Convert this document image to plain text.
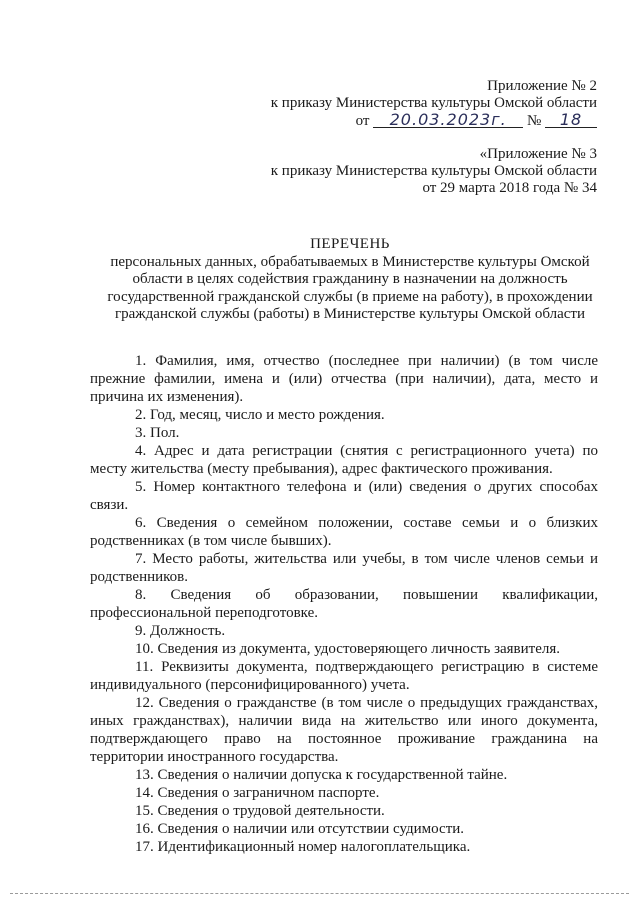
Приложение № 2
к приказу Министерства культуры Омской области
от 20.03.2023г. № 18
«Приложение № 3
к приказу Министерства культуры Омской области
от 29 марта 2018 года № 34
ПЕРЕЧЕНЬ
персональных данных, обрабатываемых в Министерстве культуры Омской области в целях содействия гражданину в назначении на должность государственной гражданской службы (в приеме на работу), в прохождении гражданской службы (работы) в Министерстве культуры Омской области

1. Фамилия, имя, отчество (последнее при наличии) (в том числе прежние фамилии, имена и (или) отчества (при наличии), дата, место и причина их изменения).

2. Год, месяц, число и место рождения.

3. Пол.

4. Адрес и дата регистрации (снятия с регистрационного учета) по месту жительства (месту пребывания), адрес фактического проживания.

5. Номер контактного телефона и (или) сведения о других способах связи.

6. Сведения о семейном положении, составе семьи и о близких родственниках (в том числе бывших).

7. Место работы, жительства или учебы, в том числе членов семьи и родственников.

8. Сведения об образовании, повышении квалификации, профессиональной переподготовке.

9. Должность.

10. Сведения из документа, удостоверяющего личность заявителя.

11. Реквизиты документа, подтверждающего регистрацию в системе индивидуального (персонифицированного) учета.

12. Сведения о гражданстве (в том числе о предыдущих гражданствах, иных гражданствах), наличии вида на жительство или иного документа, подтверждающего право на постоянное проживание гражданина на территории иностранного государства.

13. Сведения о наличии допуска к государственной тайне.

14. Сведения о заграничном паспорте.

15. Сведения о трудовой деятельности.

16. Сведения о наличии или отсутствии судимости.

17. Идентификационный номер налогоплательщика.
